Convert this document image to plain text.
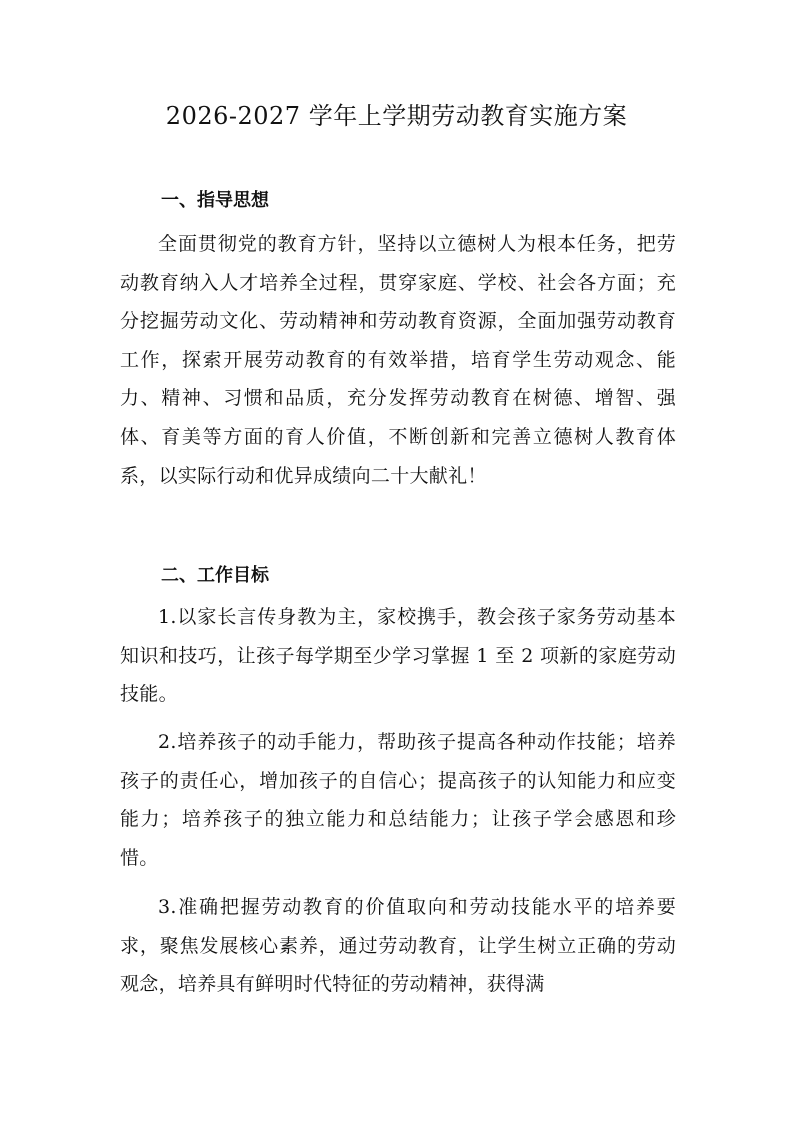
2026-2027 学年上学期劳动教育实施方案
一、指导思想

全面贯彻党的教育方针，坚持以立德树人为根本任务，把劳动教育纳入人才培养全过程，贯穿家庭、学校、社会各方面；充分挖掘劳动文化、劳动精神和劳动教育资源，全面加强劳动教育工作，探索开展劳动教育的有效举措，培育学生劳动观念、能力、精神、习惯和品质，充分发挥劳动教育在树德、增智、强体、育美等方面的育人价值，不断创新和完善立德树人教育体系，以实际行动和优异成绩向二十大献礼！

二、工作目标

1.以家长言传身教为主，家校携手，教会孩子家务劳动基本知识和技巧，让孩子每学期至少学习掌握 1 至 2 项新的家庭劳动技能。

2.培养孩子的动手能力，帮助孩子提高各种动作技能；培养孩子的责任心，增加孩子的自信心；提高孩子的认知能力和应变能力；培养孩子的独立能力和总结能力；让孩子学会感恩和珍惜。

3.准确把握劳动教育的价值取向和劳动技能水平的培养要求，聚焦发展核心素养，通过劳动教育，让学生树立正确的劳动观念，培养具有鲜明时代特征的劳动精神，获得满
